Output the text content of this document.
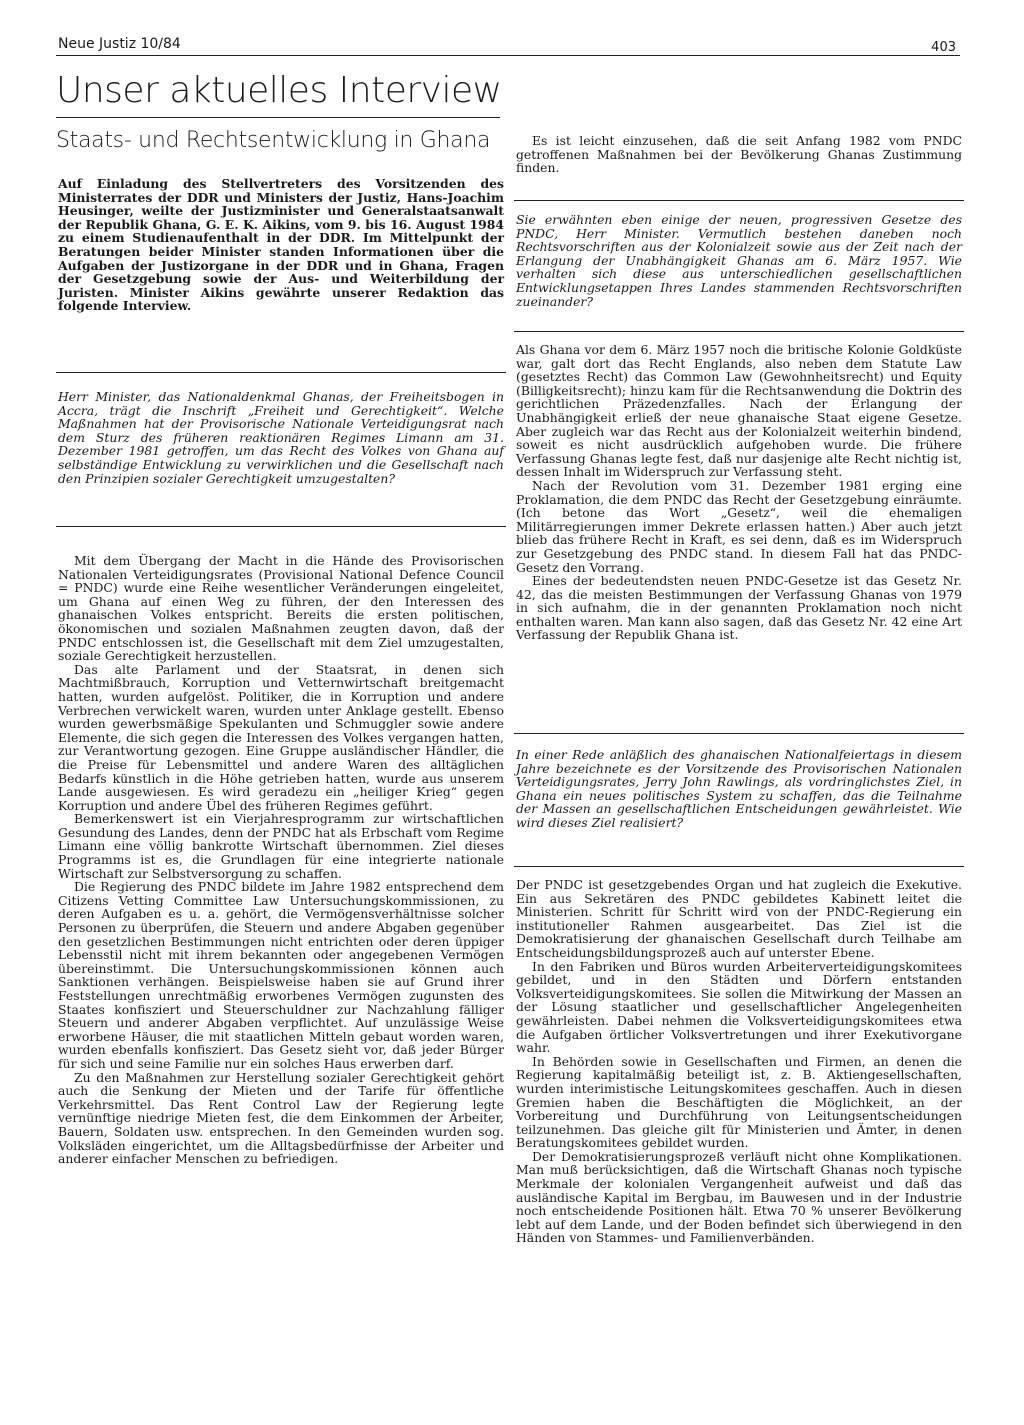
Neue Justiz 10/84	403
Unser aktuelles Interview
Staats- und Rechtsentwicklung in Ghana

Auf Einladung des Stellvertreters des Vorsitzenden des Ministerrates der DDR und Ministers der Justiz, Hans-Joachim Heusinger, weilte der Justizminister und Generalstaatsanwalt der Republik Ghana, G. E. K. Aikins, vom 9. bis 16. August 1984 zu einem Studienaufenthalt in der DDR. Im Mittelpunkt der Beratungen beider Minister standen Informationen über die Aufgaben der Justizorgane in der DDR und in Ghana, Fragen der Gesetzgebung sowie der Aus- und Weiterbildung der Juristen. Minister Aikins gewährte unserer Redaktion das folgende Interview.

Herr Minister, das Nationaldenkmal Ghanas, der Freiheitsbogen in Accra, trägt die Inschrift „Freiheit und Gerechtigkeit“. Welche Maßnahmen hat der Provisorische Nationale Verteidigungsrat nach dem Sturz des früheren reaktionären Regimes Limann am 31. Dezember 1981 getroffen, um das Recht des Volkes von Ghana auf selbständige Entwicklung zu verwirklichen und die Gesellschaft nach den Prinzipien sozialer Gerechtigkeit umzugestalten?

Mit dem Übergang der Macht in die Hände des Provisorischen Nationalen Verteidigungsrates (Provisional National Defence Council = PNDC) wurde eine Reihe wesentlicher Veränderungen eingeleitet, um Ghana auf einen Weg zu führen, der den Interessen des ghanaischen Volkes entspricht. Bereits die ersten politischen, ökonomischen und sozialen Maßnahmen zeugten davon, daß der PNDC entschlossen ist, die Gesellschaft mit dem Ziel umzugestalten, soziale Gerechtigkeit herzustellen.

Das alte Parlament und der Staatsrat, in denen sich Machtmißbrauch, Korruption und Vetternwirtschaft breitgemacht hatten, wurden aufgelöst. Politiker, die in Korruption und andere Verbrechen verwickelt waren, wurden unter Anklage gestellt. Ebenso wurden gewerbsmäßige Spekulanten und Schmuggler sowie andere Elemente, die sich gegen die Interessen des Volkes vergangen hatten, zur Verantwortung gezogen. Eine Gruppe ausländischer Händler, die die Preise für Lebensmittel und andere Waren des alltäglichen Bedarfs künstlich in die Höhe getrieben hatten, wurde aus unserem Lande ausgewiesen. Es wird geradezu ein „heiliger Krieg“ gegen Korruption und andere Übel des früheren Regimes geführt.

Bemerkenswert ist ein Vierjahresprogramm zur wirtschaftlichen Gesundung des Landes, denn der PNDC hat als Erbschaft vom Regime Limann eine völlig bankrotte Wirtschaft übernommen. Ziel dieses Programms ist es, die Grundlagen für eine integrierte nationale Wirtschaft zur Selbstversorgung zu schaffen.

Die Regierung des PNDC bildete im Jahre 1982 entsprechend dem Citizens Vetting Committee Law Untersuchungskommissionen, zu deren Aufgaben es u. a. gehört, die Vermögensverhältnisse solcher Personen zu überprüfen, die Steuern und andere Abgaben gegenüber den gesetzlichen Bestimmungen nicht entrichten oder deren üppiger Lebensstil nicht mit ihrem bekannten oder angegebenen Vermögen übereinstimmt. Die Untersuchungskommissionen können auch Sanktionen verhängen. Beispielsweise haben sie auf Grund ihrer Feststellungen unrechtmäßig erworbenes Vermögen zugunsten des Staates konfisziert und Steuerschuldner zur Nachzahlung fälliger Steuern und anderer Abgaben verpflichtet. Auf unzulässige Weise erworbene Häuser, die mit staatlichen Mitteln gebaut worden waren, wurden ebenfalls konfisziert. Das Gesetz sieht vor, daß jeder Bürger für sich und seine Familie nur ein solches Haus erwerben darf.

Zu den Maßnahmen zur Herstellung sozialer Gerechtigkeit gehört auch die Senkung der Mieten und der Tarife für öffentliche Verkehrsmittel. Das Rent Control Law der Regierung legte vernünftige niedrige Mieten fest, die dem Einkommen der Arbeiter, Bauern, Soldaten usw. entsprechen. In den Gemeinden wurden sog. Volksläden eingerichtet, um die Alltagsbedürfnisse der Arbeiter und anderer einfacher Menschen zu befriedigen.

Es ist leicht einzusehen, daß die seit Anfang 1982 vom PNDC getroffenen Maßnahmen bei der Bevölkerung Ghanas Zustimmung finden.

Sie erwähnten eben einige der neuen, progressiven Gesetze des PNDC, Herr Minister. Vermutlich bestehen daneben noch Rechtsvorschriften aus der Kolonialzeit sowie aus der Zeit nach der Erlangung der Unabhängigkeit Ghanas am 6. März 1957. Wie verhalten sich diese aus unterschiedlichen gesellschaftlichen Entwicklungsetappen Ihres Landes stammenden Rechtsvorschriften zueinander?

Als Ghana vor dem 6. März 1957 noch die britische Kolonie Goldküste war, galt dort das Recht Englands, also neben dem Statute Law (gesetztes Recht) das Common Law (Gewohnheitsrecht) und Equity (Billigkeitsrecht); hinzu kam für die Rechtsanwendung die Doktrin des gerichtlichen Präzedenzfalles. Nach der Erlangung der Unabhängigkeit erließ der neue ghanaische Staat eigene Gesetze. Aber zugleich war das Recht aus der Kolonialzeit weiterhin bindend, soweit es nicht ausdrücklich aufgehoben wurde. Die frühere Verfassung Ghanas legte fest, daß nur dasjenige alte Recht nichtig ist, dessen Inhalt im Widerspruch zur Verfassung steht.

Nach der Revolution vom 31. Dezember 1981 erging eine Proklamation, die dem PNDC das Recht der Gesetzgebung einräumte. (Ich betone das Wort „Gesetz“, weil die ehemaligen Militärregierungen immer Dekrete erlassen hatten.) Aber auch jetzt blieb das frühere Recht in Kraft, es sei denn, daß es im Widerspruch zur Gesetzgebung des PNDC stand. In diesem Fall hat das PNDC-Gesetz den Vorrang.

Eines der bedeutendsten neuen PNDC-Gesetze ist das Gesetz Nr. 42, das die meisten Bestimmungen der Verfassung Ghanas von 1979 in sich aufnahm, die in der genannten Proklamation noch nicht enthalten waren. Man kann also sagen, daß das Gesetz Nr. 42 eine Art Verfassung der Republik Ghana ist.

In einer Rede anläßlich des ghanaischen Nationalfeiertags in diesem Jahre bezeichnete es der Vorsitzende des Provisorischen Nationalen Verteidigungsrates, Jerry John Rawlings, als vordringlichstes Ziel, in Ghana ein neues politisches System zu schaffen, das die Teilnahme der Massen an gesellschaftlichen Entscheidungen gewährleistet. Wie wird dieses Ziel realisiert?

Der PNDC ist gesetzgebendes Organ und hat zugleich die Exekutive. Ein aus Sekretären des PNDC gebildetes Kabinett leitet die Ministerien. Schritt für Schritt wird von der PNDC-Regierung ein institutioneller Rahmen ausgearbeitet. Das Ziel ist die Demokratisierung der ghanaischen Gesellschaft durch Teilhabe am Entscheidungsbildungsprozeß auch auf unterster Ebene.

In den Fabriken und Büros wurden Arbeiterverteidigungskomitees gebildet, und in den Städten und Dörfern entstanden Volksverteidigungskomitees. Sie sollen die Mitwirkung der Massen an der Lösung staatlicher und gesellschaftlicher Angelegenheiten gewährleisten. Dabei nehmen die Volksverteidigungskomitees etwa die Aufgaben örtlicher Volksvertretungen und ihrer Exekutivorgane wahr.

In Behörden sowie in Gesellschaften und Firmen, an denen die Regierung kapitalmäßig beteiligt ist, z. B. Aktiengesellschaften, wurden interimistische Leitungskomitees geschaffen. Auch in diesen Gremien haben die Beschäftigten die Möglichkeit, an der Vorbereitung und Durchführung von Leitungsentscheidungen teilzunehmen. Das gleiche gilt für Ministerien und Ämter, in denen Beratungskomitees gebildet wurden.

Der Demokratisierungsprozeß verläuft nicht ohne Komplikationen. Man muß berücksichtigen, daß die Wirtschaft Ghanas noch typische Merkmale der kolonialen Vergangenheit aufweist und daß das ausländische Kapital im Bergbau, im Bauwesen und in der Industrie noch entscheidende Positionen hält. Etwa 70 % unserer Bevölkerung lebt auf dem Lande, und der Boden befindet sich überwiegend in den Händen von Stammes- und Familienverbänden.
